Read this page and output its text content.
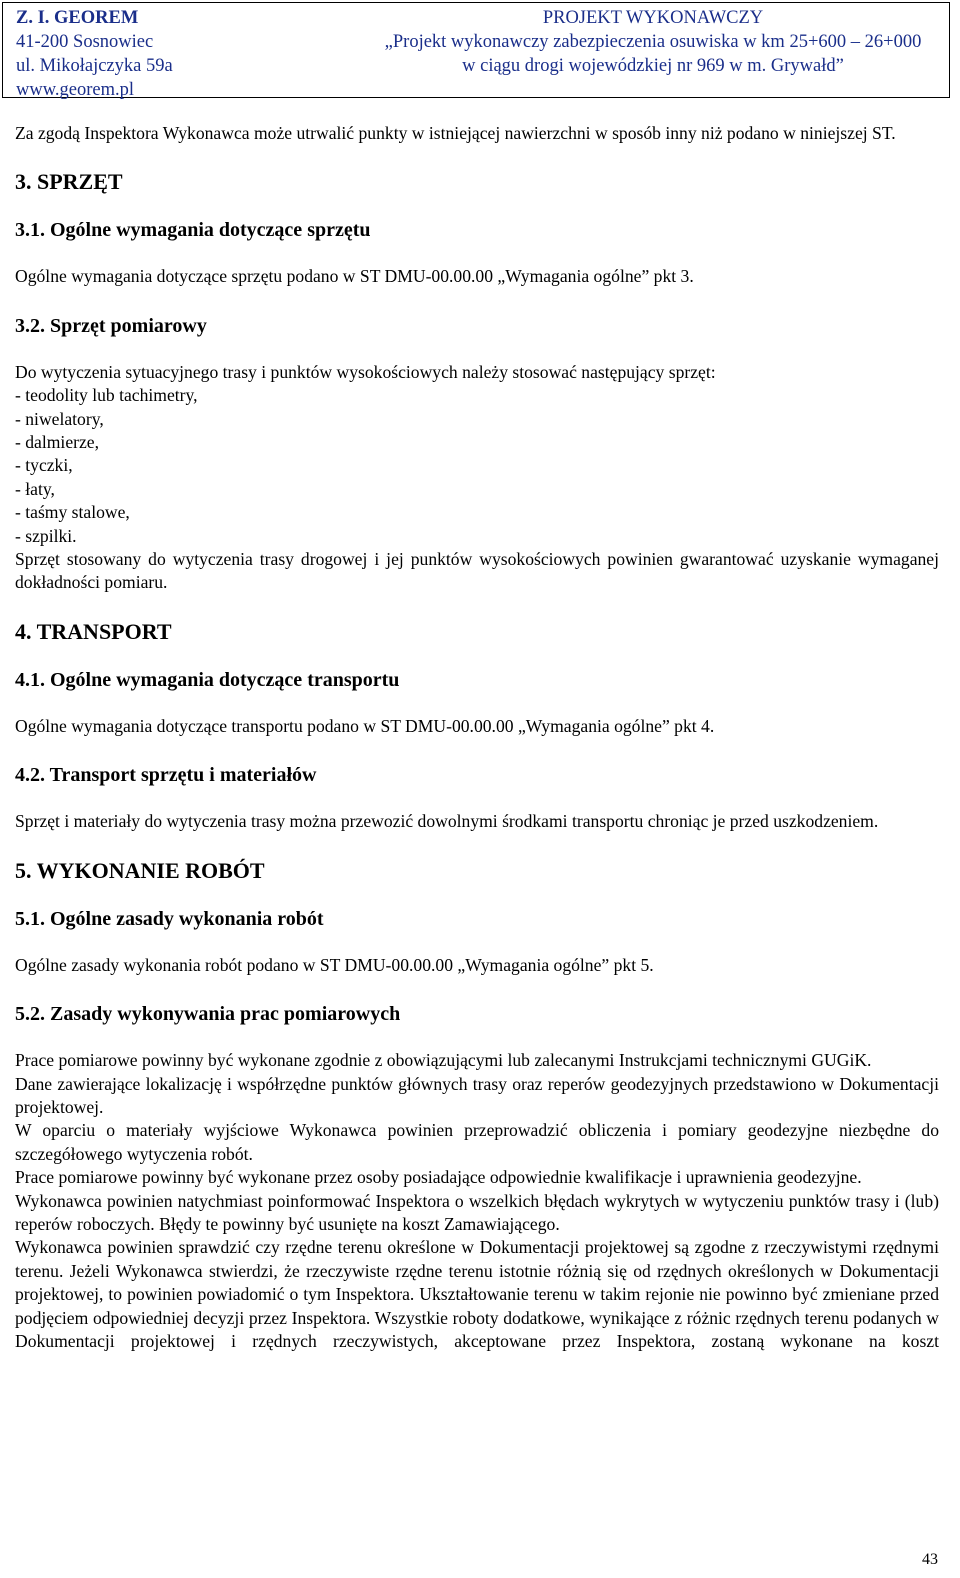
Z. I. GEOREM
41-200 Sosnowiec
ul. Mikołajczyka 59a
www.georem.pl
PROJEKT WYKONAWCZY
„Projekt wykonawczy zabezpieczenia osuwiska w km 25+600 – 26+000
w ciągu drogi wojewódzkiej nr 969 w m. Grywałd”

Za zgodą Inspektora Wykonawca może utrwalić punkty w istniejącej nawierzchni w sposób inny niż podano w niniejszej ST.

3. SPRZĘT
3.1. Ogólne wymagania dotyczące sprzętu

Ogólne wymagania dotyczące sprzętu podano w ST DMU-00.00.00 „Wymagania ogólne” pkt 3.

3.2. Sprzęt pomiarowy

Do wytyczenia sytuacyjnego trasy i punktów wysokościowych należy stosować następujący sprzęt:

- teodolity lub tachimetry,

- niwelatory,

- dalmierze,

- tyczki,

- łaty,

- taśmy stalowe,

- szpilki.

Sprzęt stosowany do wytyczenia trasy drogowej i jej punktów wysokościowych powinien gwarantować uzyskanie wymaganej dokładności pomiaru.

4. TRANSPORT
4.1. Ogólne wymagania dotyczące transportu

Ogólne wymagania dotyczące transportu podano w ST DMU-00.00.00 „Wymagania ogólne” pkt 4.

4.2. Transport sprzętu i materiałów

Sprzęt i materiały do wytyczenia trasy można przewozić dowolnymi środkami transportu chroniąc je przed uszkodzeniem.

5. WYKONANIE ROBÓT
5.1. Ogólne zasady wykonania robót

Ogólne zasady wykonania robót podano w ST DMU-00.00.00 „Wymagania ogólne” pkt 5.

5.2. Zasady wykonywania prac pomiarowych

Prace pomiarowe powinny być wykonane zgodnie z obowiązującymi lub zalecanymi Instrukcjami technicznymi GUGiK.

Dane zawierające lokalizację i współrzędne punktów głównych trasy oraz reperów geodezyjnych przedstawiono w Dokumentacji projektowej.

W oparciu o materiały wyjściowe Wykonawca powinien przeprowadzić obliczenia i pomiary geodezyjne niezbędne do szczegółowego wytyczenia robót.

Prace pomiarowe powinny być wykonane przez osoby posiadające odpowiednie kwalifikacje i uprawnienia geodezyjne.

Wykonawca powinien natychmiast poinformować Inspektora o wszelkich błędach wykrytych w wytyczeniu punktów trasy i (lub) reperów roboczych. Błędy te powinny być usunięte na koszt Zamawiającego.

Wykonawca powinien sprawdzić czy rzędne terenu określone w Dokumentacji projektowej są zgodne z rzeczywistymi rzędnymi terenu. Jeżeli Wykonawca stwierdzi, że rzeczywiste rzędne terenu istotnie różnią się od rzędnych określonych w Dokumentacji projektowej, to powinien powiadomić o tym Inspektora. Ukształtowanie terenu w takim rejonie nie powinno być zmieniane przed podjęciem odpowiedniej decyzji przez Inspektora. Wszystkie roboty dodatkowe, wynikające z różnic rzędnych terenu podanych w Dokumentacji projektowej i rzędnych rzeczywistych, akceptowane przez Inspektora, zostaną wykonane na koszt

43
